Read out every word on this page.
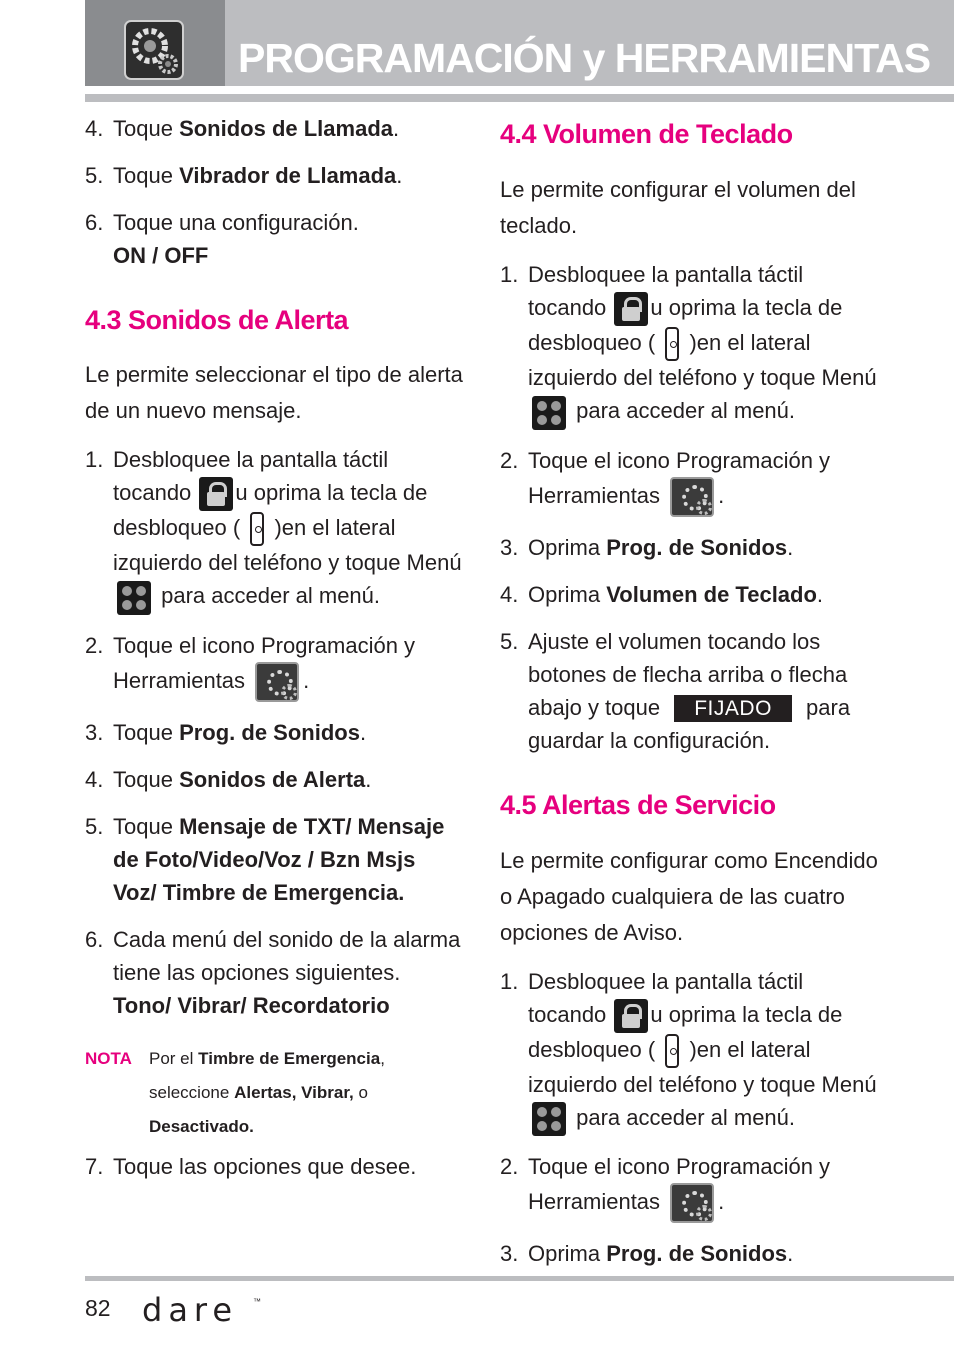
PROGRAMACIÓN y HERRAMIENTAS
4. Toque Sonidos de Llamada.
5. Toque Vibrador de Llamada.
6. Toque una configuración.
ON / OFF
4.3 Sonidos de Alerta
Le permite seleccionar el tipo de alerta de un nuevo mensaje.
1. Desbloquee la pantalla táctil tocando u oprima la tecla de desbloqueo (  )en el lateral izquierdo del teléfono y toque Menú
para acceder al menú.
2. Toque el icono Programación y Herramientas .
3. Toque Prog. de Sonidos.
4. Toque Sonidos de Alerta.
5. Toque Mensaje de TXT/ Mensaje de Foto/Video/Voz / Bzn Msjs Voz/ Timbre de Emergencia.
6. Cada menú del sonido de la alarma tiene las opciones siguientes.
Tono/ Vibrar/ Recordatorio
NOTA	Por el Timbre de Emergencia, seleccione Alertas, Vibrar, o Desactivado.
7. Toque las opciones que desee.
4.4 Volumen de Teclado
Le permite configurar el volumen del teclado.
1. Desbloquee la pantalla táctil tocando u oprima la tecla de desbloqueo (  )en el lateral izquierdo del teléfono y toque Menú
para acceder al menú.
2. Toque el icono Programación y Herramientas .
3. Oprima Prog. de Sonidos.
4. Oprima Volumen de Teclado.
5. Ajuste el volumen tocando los botones de flecha arriba o flecha abajo y toque FIJADO para guardar la configuración.
4.5 Alertas de Servicio
Le permite configurar como Encendido o Apagado cualquiera de las cuatro opciones de Aviso.
1. Desbloquee la pantalla táctil tocando u oprima la tecla de desbloqueo (  )en el lateral izquierdo del teléfono y toque Menú
para acceder al menú.
2. Toque el icono Programación y Herramientas .
3. Oprima Prog. de Sonidos.
82 dare ™
